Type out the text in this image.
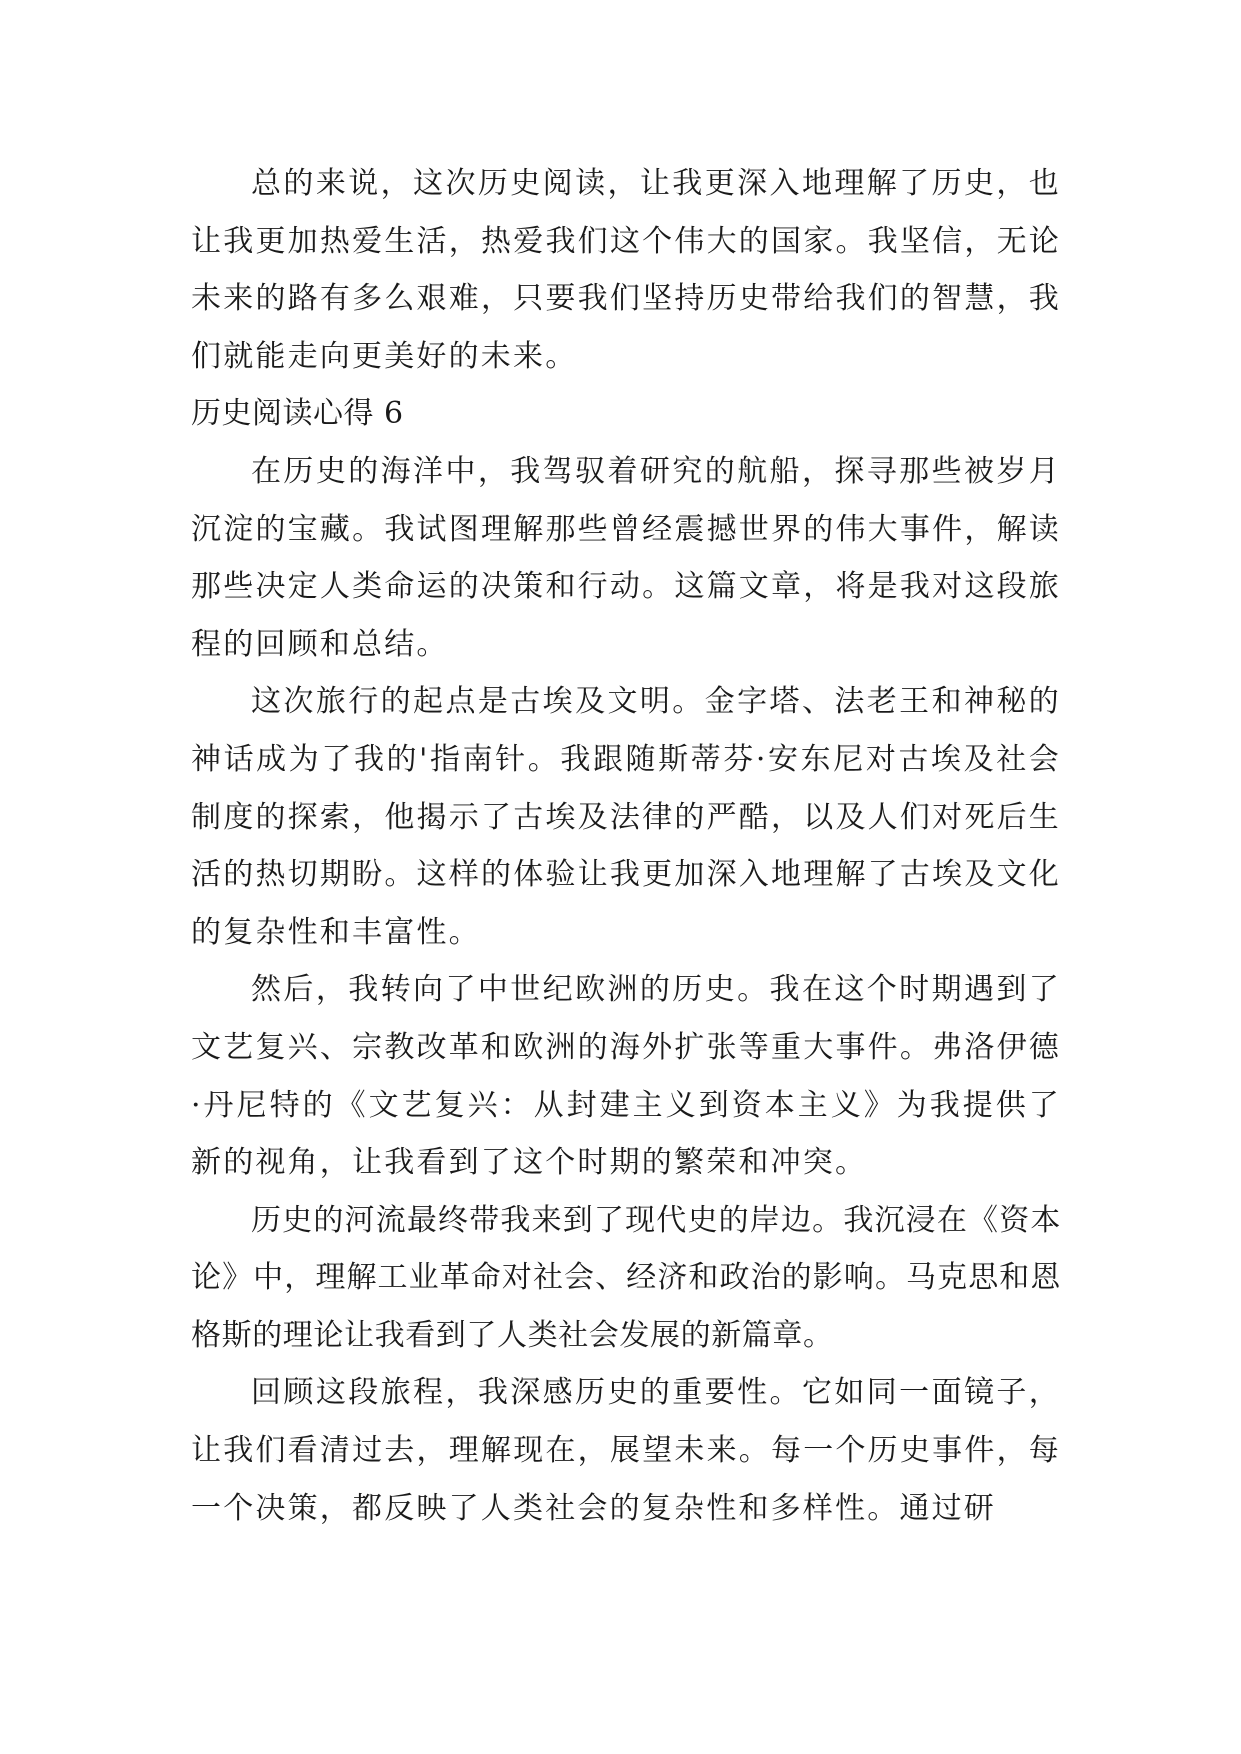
总的来说，这次历史阅读，让我更深入地理解了历史，也让我更加热爱生活，热爱我们这个伟大的国家。我坚信，无论未来的路有多么艰难，只要我们坚持历史带给我们的智慧，我们就能走向更美好的未来。

历史阅读心得 6

在历史的海洋中，我驾驭着研究的航船，探寻那些被岁月沉淀的宝藏。我试图理解那些曾经震撼世界的伟大事件，解读那些决定人类命运的决策和行动。这篇文章，将是我对这段旅程的回顾和总结。

这次旅行的起点是古埃及文明。金字塔、法老王和神秘的神话成为了我的'指南针。我跟随斯蒂芬·安东尼对古埃及社会制度的探索，他揭示了古埃及法律的严酷，以及人们对死后生活的热切期盼。这样的体验让我更加深入地理解了古埃及文化的复杂性和丰富性。

然后，我转向了中世纪欧洲的历史。我在这个时期遇到了文艺复兴、宗教改革和欧洲的海外扩张等重大事件。弗洛伊德·丹尼特的《文艺复兴：从封建主义到资本主义》为我提供了新的视角，让我看到了这个时期的繁荣和冲突。

历史的河流最终带我来到了现代史的岸边。我沉浸在《资本论》中，理解工业革命对社会、经济和政治的影响。马克思和恩格斯的理论让我看到了人类社会发展的新篇章。

回顾这段旅程，我深感历史的重要性。它如同一面镜子，让我们看清过去，理解现在，展望未来。每一个历史事件，每一个决策，都反映了人类社会的复杂性和多样性。通过研
